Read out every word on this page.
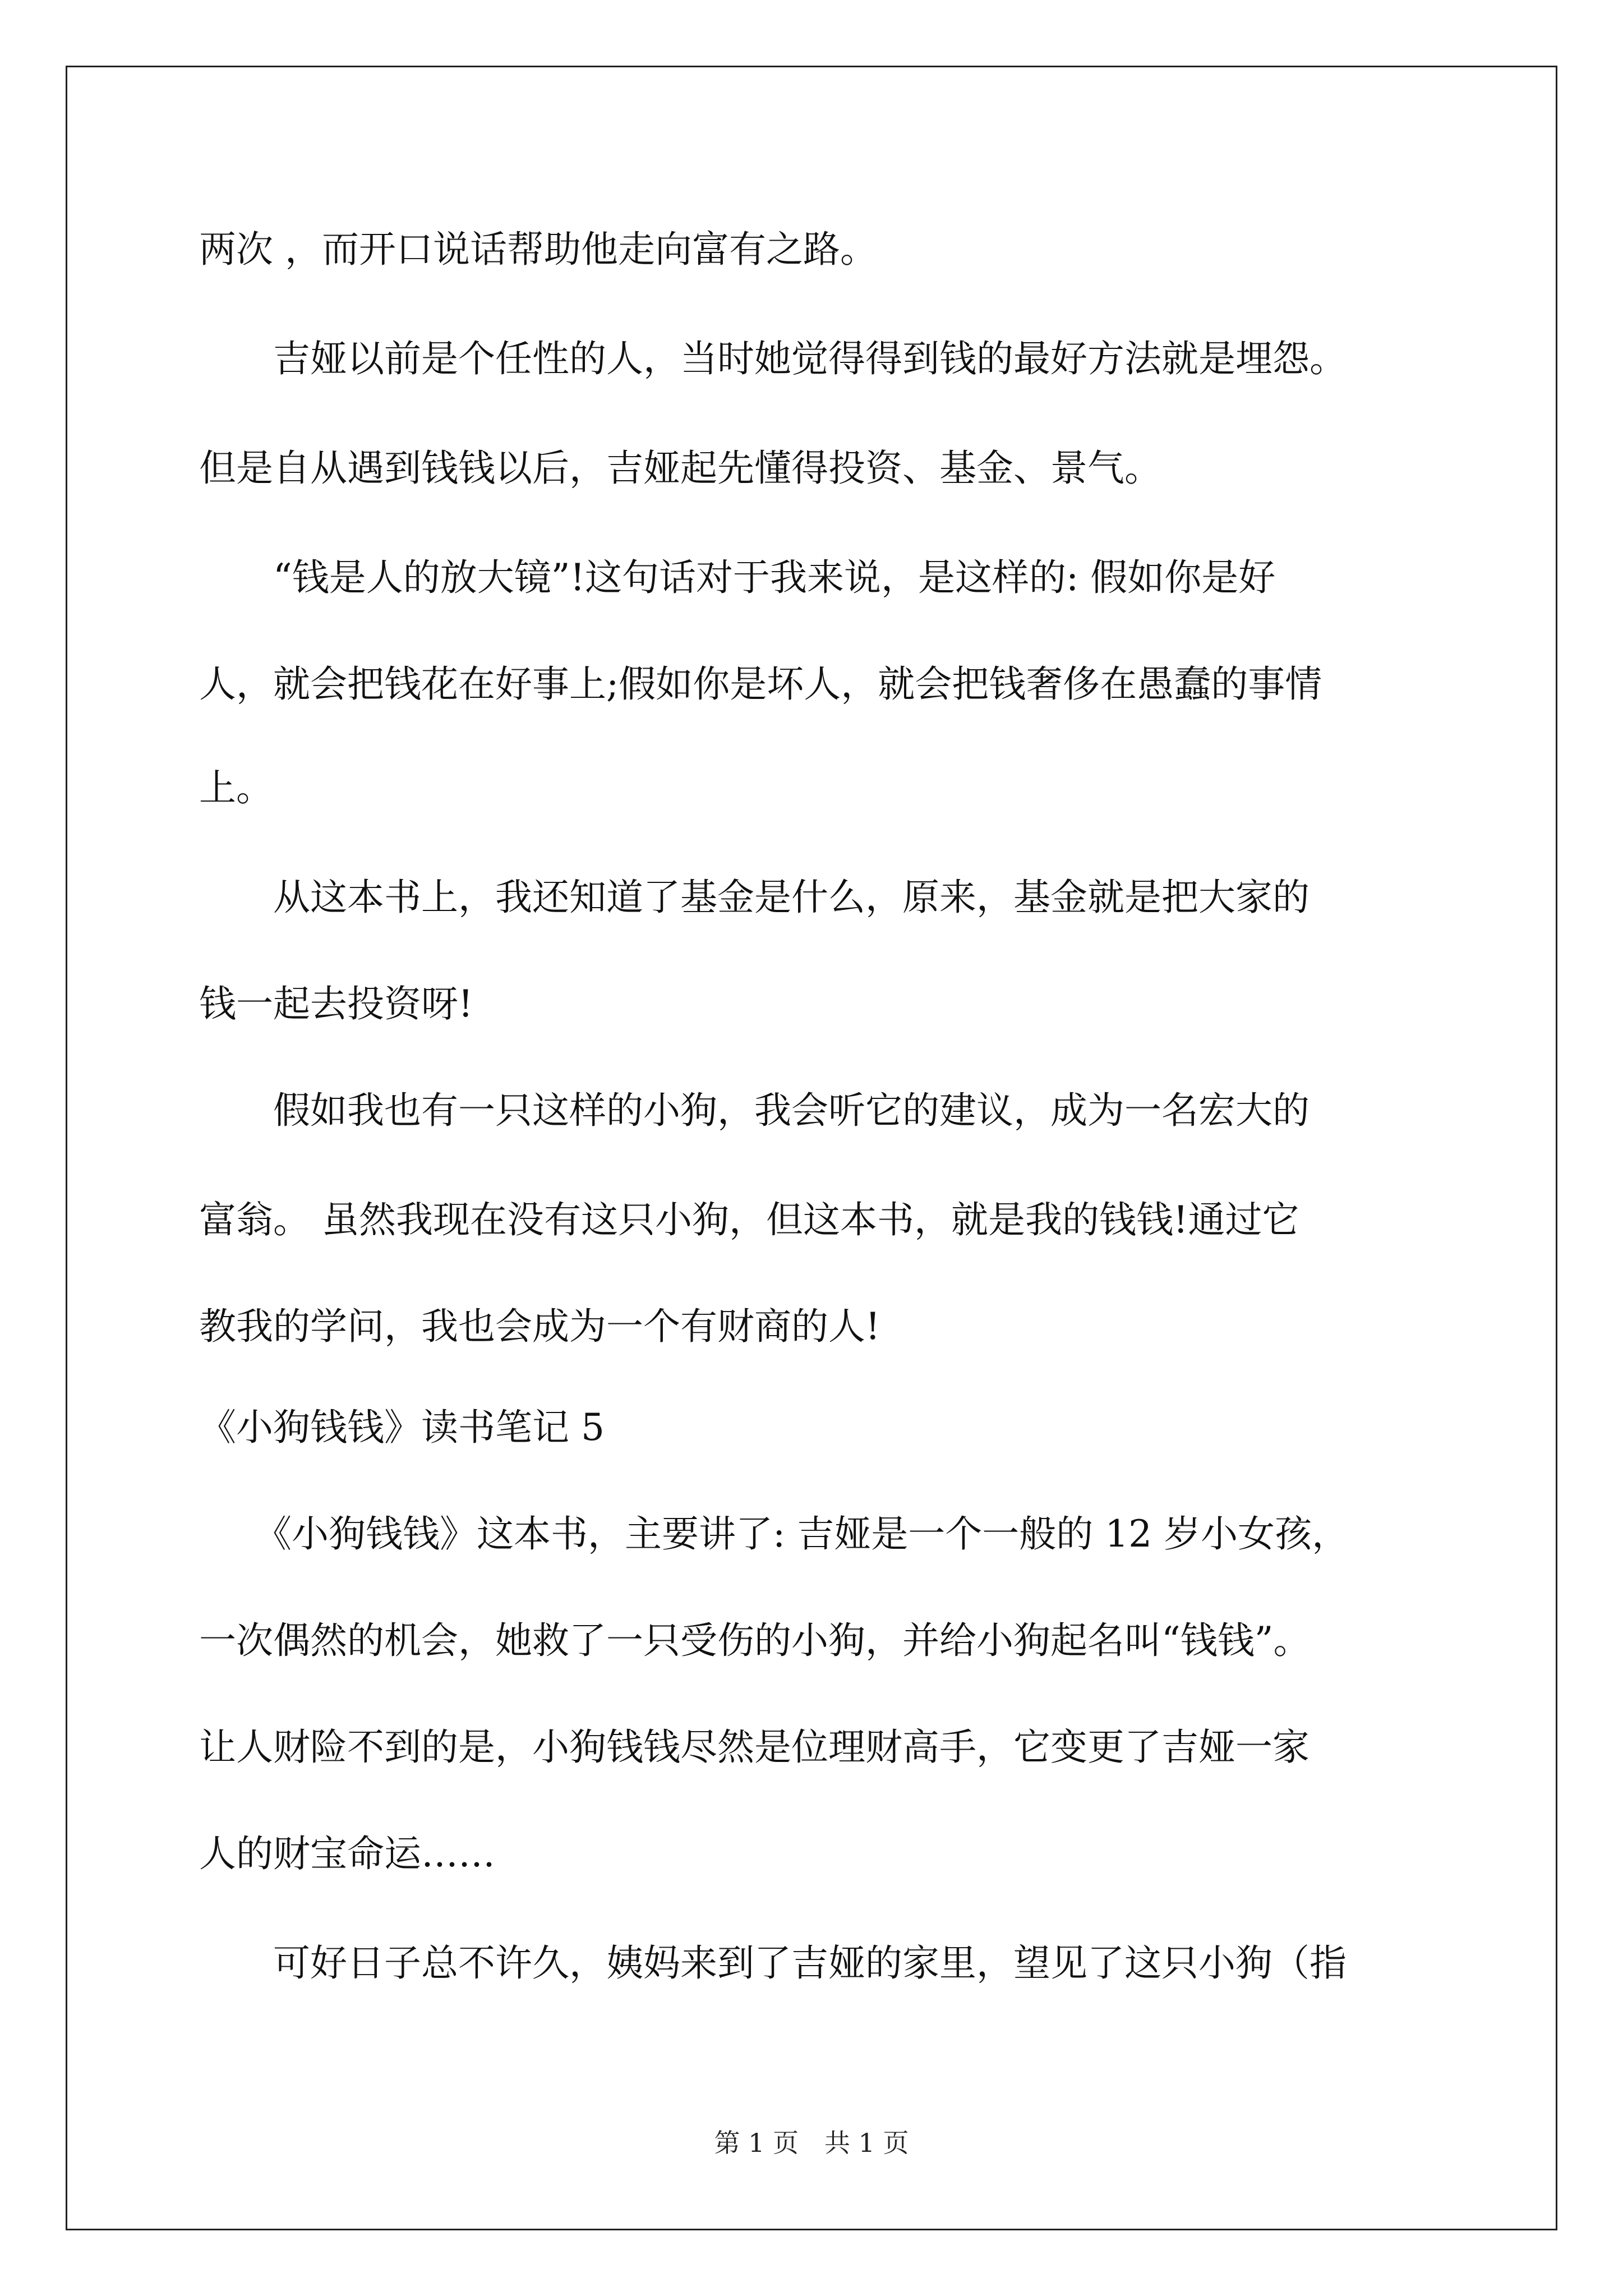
两次 ，而开口说话帮助他走向富有之路。
　　吉娅以前是个任性的人，当时她觉得得到钱的最好方法就是埋怨。
但是自从遇到钱钱以后，吉娅起先懂得投资、基金、景气。
　　“钱是人的放大镜”!这句话对于我来说，是这样的: 假如你是好
人，就会把钱花在好事上;假如你是坏人，就会把钱奢侈在愚蠢的事情
上。
　　从这本书上，我还知道了基金是什么，原来，基金就是把大家的
钱一起去投资呀!
　　假如我也有一只这样的小狗，我会听它的建议，成为一名宏大的
富翁。 虽然我现在没有这只小狗，但这本书，就是我的钱钱!通过它
教我的学问，我也会成为一个有财商的人!
《小狗钱钱》读书笔记 5
　　《小狗钱钱》这本书，主要讲了: 吉娅是一个一般的 12 岁小女孩，
一次偶然的机会，她救了一只受伤的小狗，并给小狗起名叫“钱钱”。
让人财险不到的是，小狗钱钱尽然是位理财高手，它变更了吉娅一家
人的财宝命运……
　　可好日子总不许久，姨妈来到了吉娅的家里，望见了这只小狗（指
第 1 页　共 1 页
